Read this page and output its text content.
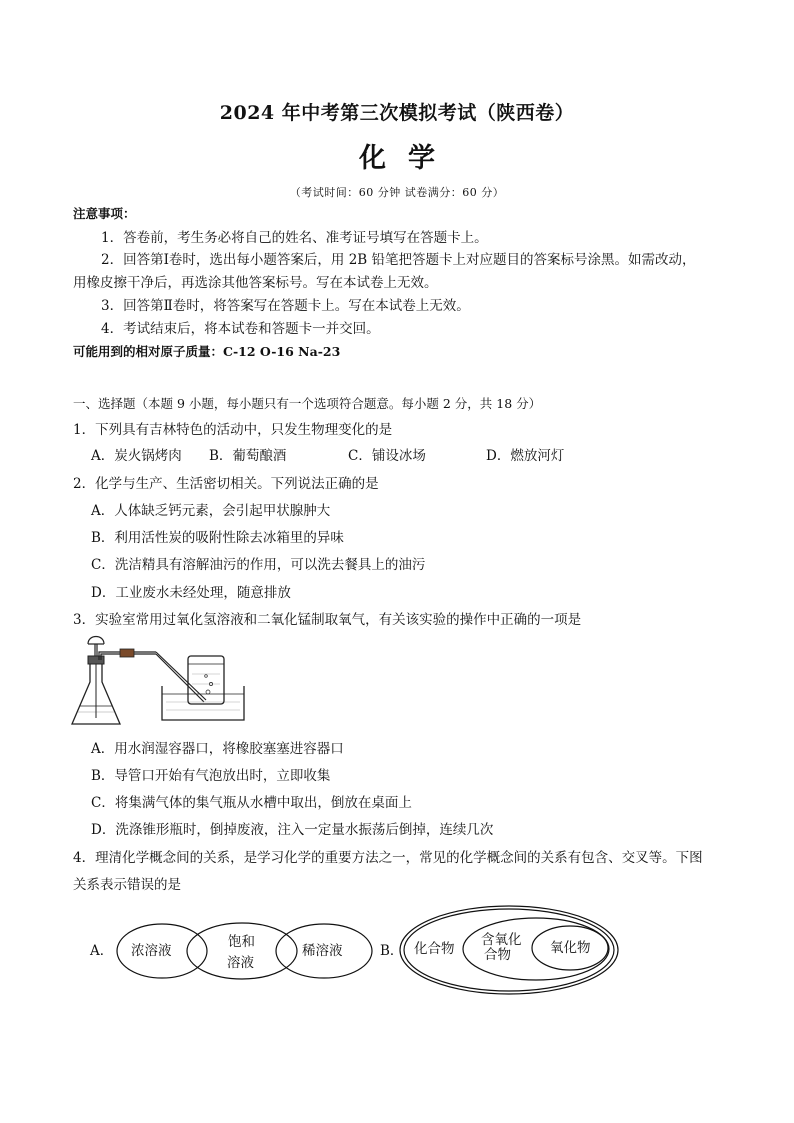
2024 年中考第三次模拟考试（陕西卷）
化学
（考试时间：60 分钟 试卷满分：60 分）
注意事项：
1．答卷前，考生务必将自己的姓名、准考证号填写在答题卡上。
2．回答第Ⅰ卷时，选出每小题答案后，用 2B 铅笔把答题卡上对应题目的答案标号涂黑。如需改动，
用橡皮擦干净后，再选涂其他答案标号。写在本试卷上无效。
3．回答第Ⅱ卷时，将答案写在答题卡上。写在本试卷上无效。
4．考试结束后，将本试卷和答题卡一并交回。
可能用到的相对原子质量：C-12 O-16 Na-23
一、选择题（本题 9 小题，每小题只有一个选项符合题意。每小题 2 分，共 18 分）
1．下列具有吉林特色的活动中，只发生物理变化的是
A．炭火锅烤肉 B．葡萄酿酒	C．铺设冰场	D．燃放河灯
2．化学与生产、生活密切相关。下列说法正确的是
A．人体缺乏钙元素，会引起甲状腺肿大
B．利用活性炭的吸附性除去冰箱里的异味
C．洗洁精具有溶解油污的作用，可以洗去餐具上的油污
D．工业废水未经处理，随意排放
3．实验室常用过氧化氢溶液和二氧化锰制取氧气，有关该实验的操作中正确的一项是
A．用水润湿容器口，将橡胶塞塞进容器口
B．导管口开始有气泡放出时，立即收集
C．将集满气体的集气瓶从水槽中取出，倒放在桌面上
D．洗涤锥形瓶时，倒掉废液，注入一定量水振荡后倒掉，连续几次
4．理清化学概念间的关系，是学习化学的重要方法之一，常见的化学概念间的关系有包含、交叉等。下图
关系表示错误的是
A． 浓溶液
饱和
溶液
稀溶液	B． 化合物
含氧化
合物	氧化物
